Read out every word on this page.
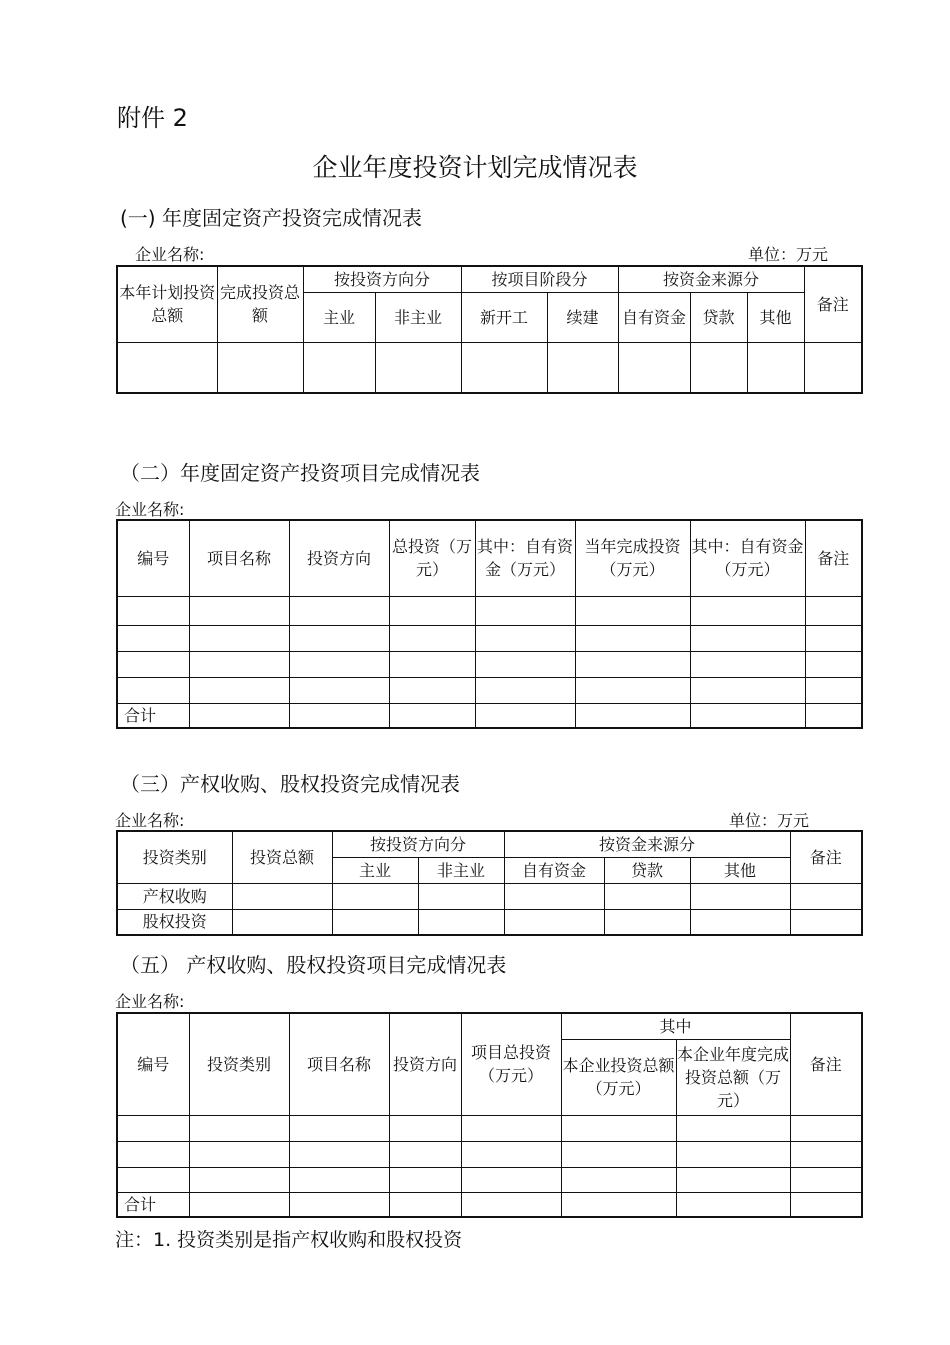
附件 2
企业年度投资计划完成情况表
(一) 年度固定资产投资完成情况表
企业名称:	单位：万元
本年计划投资总额	完成投资总额	按投资方向分		按项目阶段分		按资金来源分			备注
		主业	非主业	新开工	续建	自有资金	贷款	其他	

（二）年度固定资产投资项目完成情况表
企业名称:
编号	项目名称	投资方向	总投资（万元）	其中：自有资金（万元）	当年完成投资（万元）	其中：自有资金（万元）	备注

合计							
（三）产权收购、股权投资完成情况表
企业名称:	单位：万元
投资类别	投资总额	按投资方向分		按资金来源分			备注
		主业	非主业	自有资金	贷款	其他	
产权收购							
股权投资							
（五） 产权收购、股权投资项目完成情况表
企业名称:
编号	投资类别	项目名称	投资方向	项目总投资（万元）	其中		备注
					本企业投资总额（万元）	本企业年度完成投资总额（万元）	

合计							
注：1. 投资类别是指产权收购和股权投资
